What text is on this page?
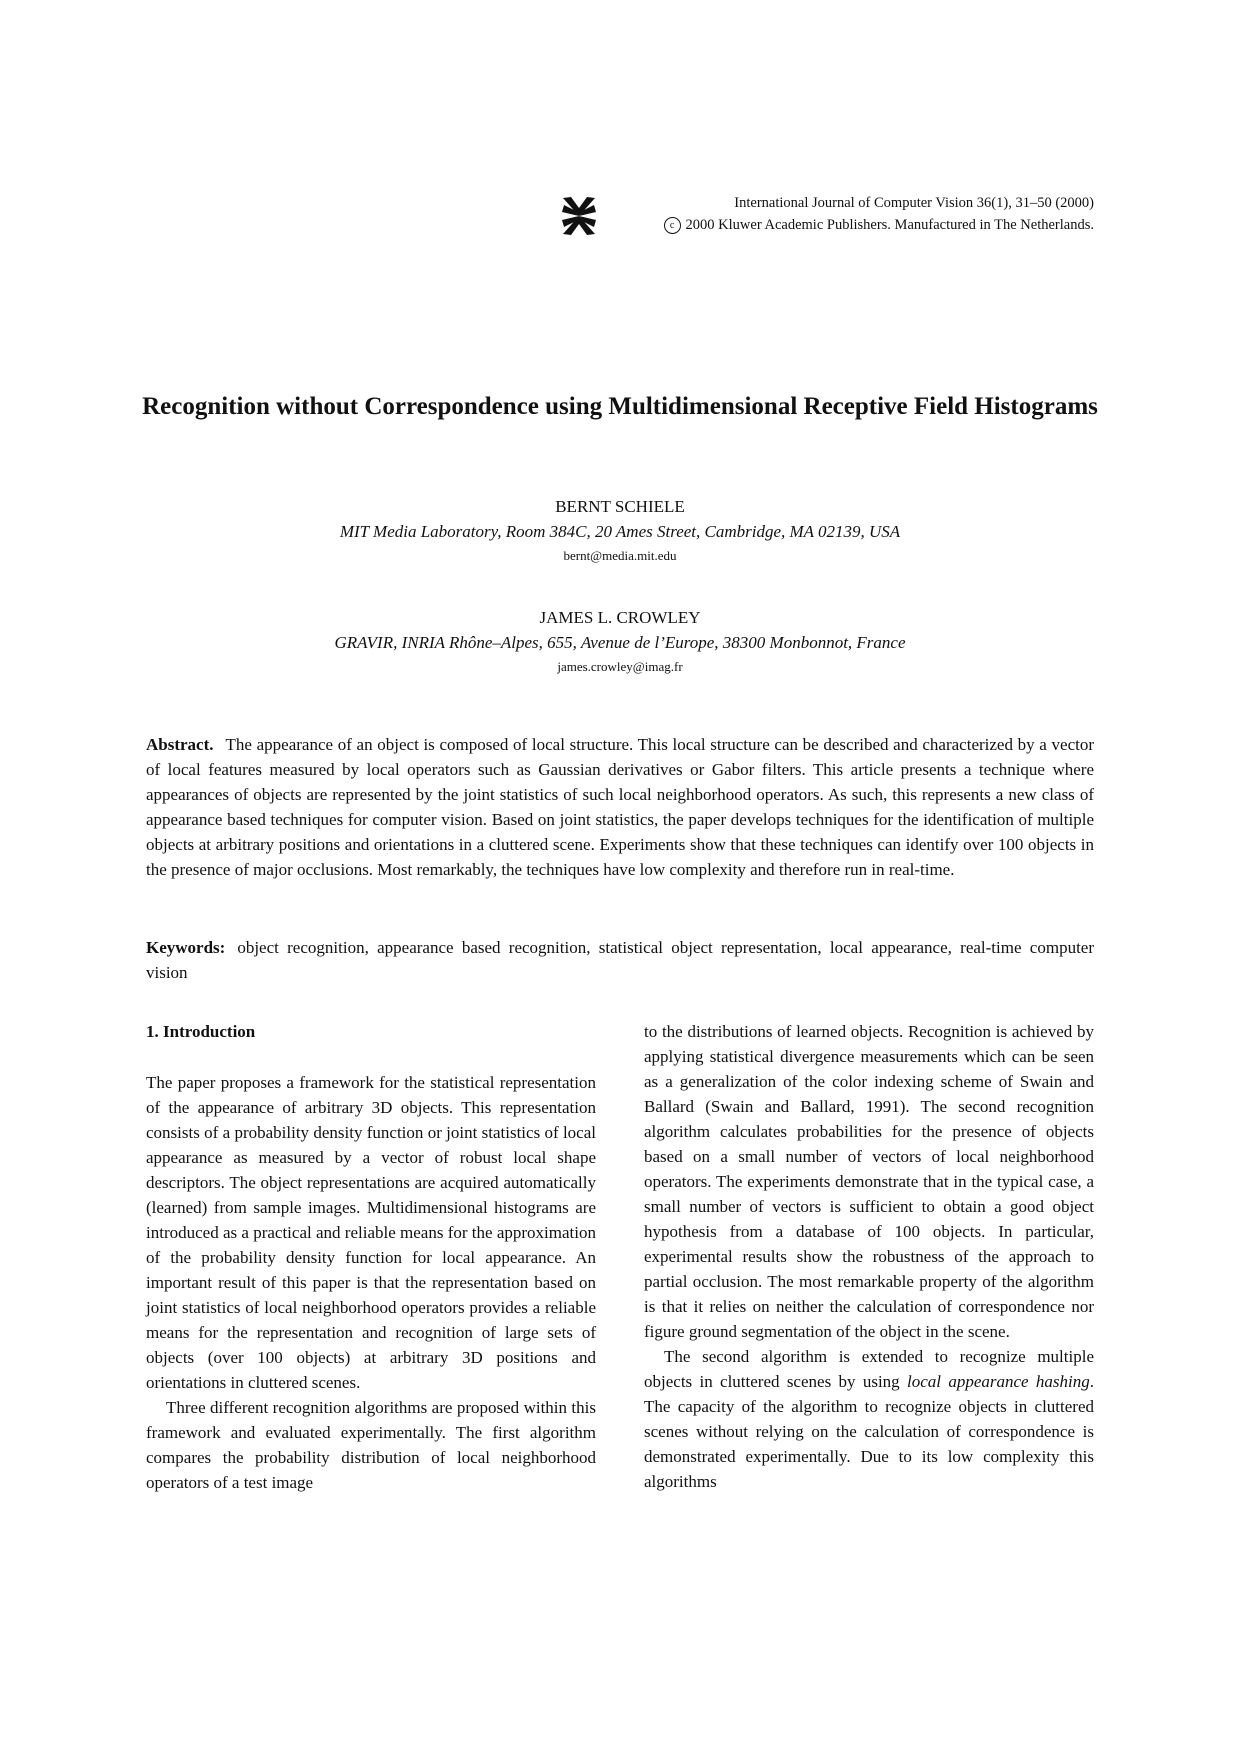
International Journal of Computer Vision 36(1), 31–50 (2000)
c 2000 Kluwer Academic Publishers. Manufactured in The Netherlands.
Recognition without Correspondence using Multidimensional Receptive Field Histograms
BERNT SCHIELE
MIT Media Laboratory, Room 384C, 20 Ames Street, Cambridge, MA 02139, USA
bernt@media.mit.edu
JAMES L. CROWLEY
GRAVIR, INRIA Rhône–Alpes, 655, Avenue de l’Europe, 38300 Monbonnot, France
james.crowley@imag.fr

Abstract. The appearance of an object is composed of local structure. This local structure can be described and characterized by a vector of local features measured by local operators such as Gaussian derivatives or Gabor filters. This article presents a technique where appearances of objects are represented by the joint statistics of such local neighborhood operators. As such, this represents a new class of appearance based techniques for computer vision. Based on joint statistics, the paper develops techniques for the identification of multiple objects at arbitrary positions and orientations in a cluttered scene. Experiments show that these techniques can identify over 100 objects in the presence of major occlusions. Most remarkably, the techniques have low complexity and therefore run in real-time.

Keywords: object recognition, appearance based recognition, statistical object representation, local appearance, real-time computer vision

1. Introduction

The paper proposes a framework for the statistical representation of the appearance of arbitrary 3D objects. This representation consists of a probability density function or joint statistics of local appearance as measured by a vector of robust local shape descriptors. The object representations are acquired automatically (learned) from sample images. Multidimensional histograms are introduced as a practical and reliable means for the approximation of the probability density function for local appearance. An important result of this paper is that the representation based on joint statistics of local neighborhood operators provides a reliable means for the representation and recognition of large sets of objects (over 100 objects) at arbitrary 3D positions and orientations in cluttered scenes.

Three different recognition algorithms are proposed within this framework and evaluated experimentally. The first algorithm compares the probability distribution of local neighborhood operators of a test image

to the distributions of learned objects. Recognition is achieved by applying statistical divergence measurements which can be seen as a generalization of the color indexing scheme of Swain and Ballard (Swain and Ballard, 1991). The second recognition algorithm calculates probabilities for the presence of objects based on a small number of vectors of local neighborhood operators. The experiments demonstrate that in the typical case, a small number of vectors is sufficient to obtain a good object hypothesis from a database of 100 objects. In particular, experimental results show the robustness of the approach to partial occlusion. The most remarkable property of the algorithm is that it relies on neither the calculation of correspondence nor figure ground segmentation of the object in the scene.

The second algorithm is extended to recognize multiple objects in cluttered scenes by using local appearance hashing. The capacity of the algorithm to recognize objects in cluttered scenes without relying on the calculation of correspondence is demonstrated experimentally. Due to its low complexity this algorithms
